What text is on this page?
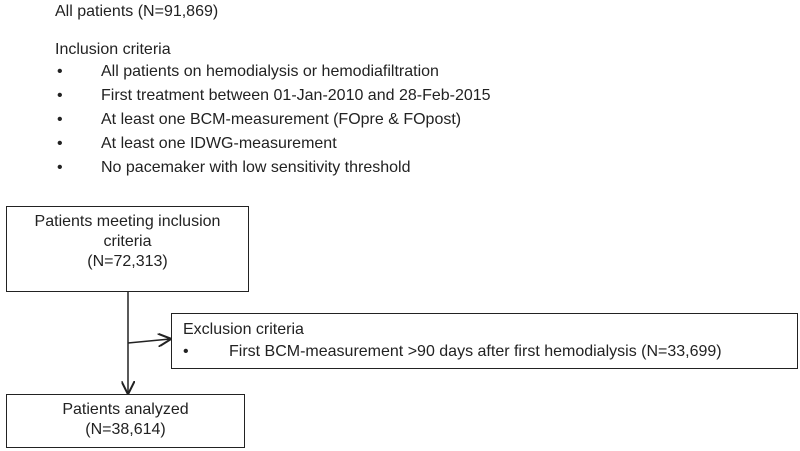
All patients (N=91,869)
Inclusion criteria
• All patients on hemodialysis or hemodiafiltration
• First treatment between 01-Jan-2010 and 28-Feb-2015
• At least one BCM-measurement (FOpre & FOpost)
• At least one IDWG-measurement
• No pacemaker with low sensitivity threshold
Patients meeting inclusion
criteria
(N=72,313)
Exclusion criteria
•	First BCM-measurement >90 days after first hemodialysis (N=33,699)
Patients analyzed
(N=38,614)
